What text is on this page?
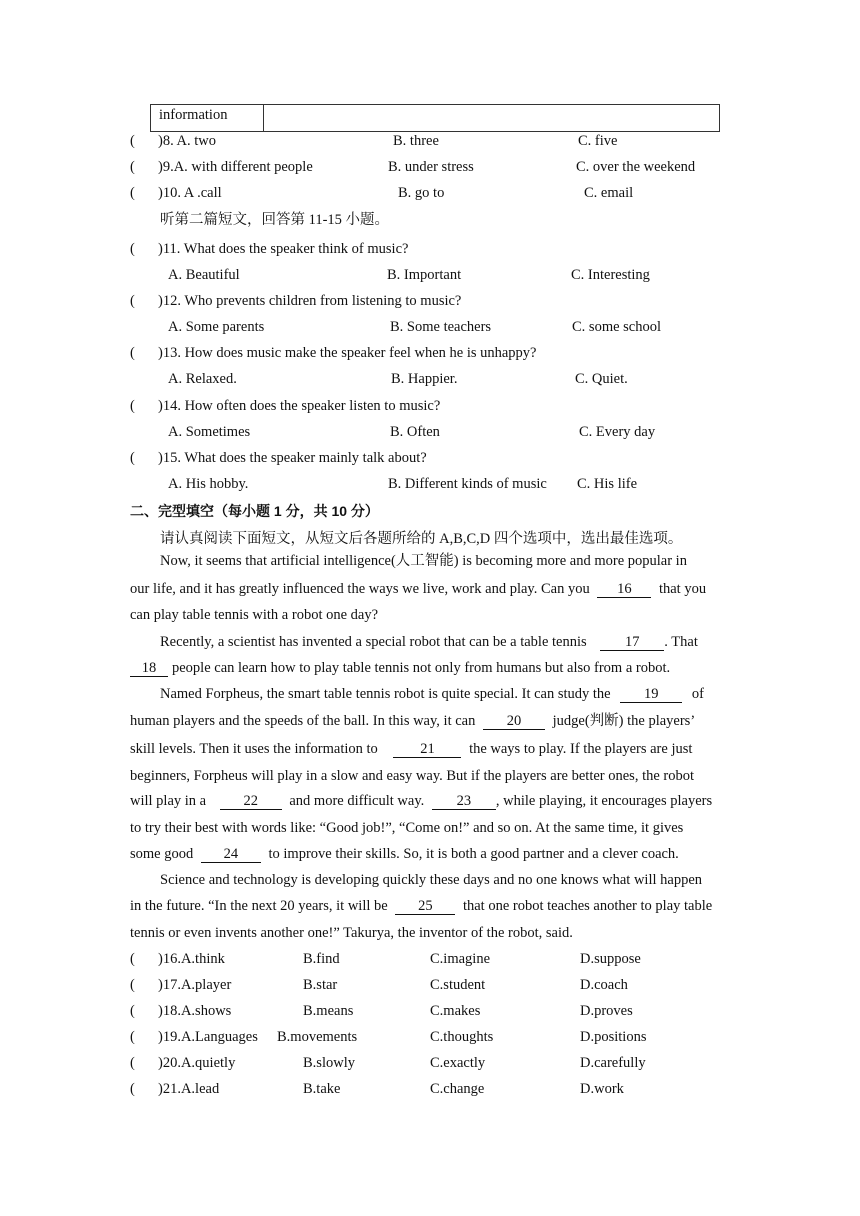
information
( )8. A. two	B. three	C. five
( )9.A. with different people	B. under stress	C. over the weekend
( )10. A .call	B. go to	C. email
听第二篇短文，回答第 11-15 小题。
( )11. What does the speaker think of music?
A. Beautiful	B. Important	C. Interesting
( )12. Who prevents children from listening to music?
A. Some parents	B. Some teachers	C. some school
( )13. How does music make the speaker feel when he is unhappy?
A. Relaxed.	B. Happier.	C. Quiet.
( )14. How often does the speaker listen to music?
A. Sometimes	B. Often	C. Every day
( )15. What does the speaker mainly talk about?
A. His hobby.	B. Different kinds of music C. His life
二、完型填空（每小题 1 分，共 10 分）
请认真阅读下面短文，从短文后各题所给的 A,B,C,D 四个选项中，选出最佳选项。
Now, it seems that artificial intelligence(人工智能) is becoming more and more popular in
our life, and it has greatly influenced the ways we live, work and play. Can you 16 that you
can play table tennis with a robot one day?
Recently, a scientist has invented a special robot that can be a table tennis	17 . That
18 people can learn how to play table tennis not only from humans but also from a robot.
Named Forpheus, the smart table tennis robot is quite special. It can study the 19 of
human players and the speeds of the ball. In this way, it can 20 judge(判断) the players’
skill levels. Then it uses the information to	21 the ways to play. If the players are just
beginners, Forpheus will play in a slow and easy way. But if the players are better ones, the robot
will play in a	22 and more difficult way. 23 , while playing, it encourages players
to try their best with words like: “Good job!”, “Come on!” and so on. At the same time, it gives
some good 24 to improve their skills. So, it is both a good partner and a clever coach.
Science and technology is developing quickly these days and no one knows what will happen
in the future. “In the next 20 years, it will be 25 that one robot teaches another to play table
tennis or even invents another one!” Takurya, the inventor of the robot, said.
( )16.A.think	B.find	C.imagine	D.suppose
( )17.A.player	B.star	C.student	D.coach
( )18.A.shows	B.means	C.makes	D.proves
( )19.A.Languages B.movements	C.thoughts	D.positions
( )20.A.quietly	B.slowly	C.exactly	D.carefully
( )21.A.lead	B.take	C.change	D.work
